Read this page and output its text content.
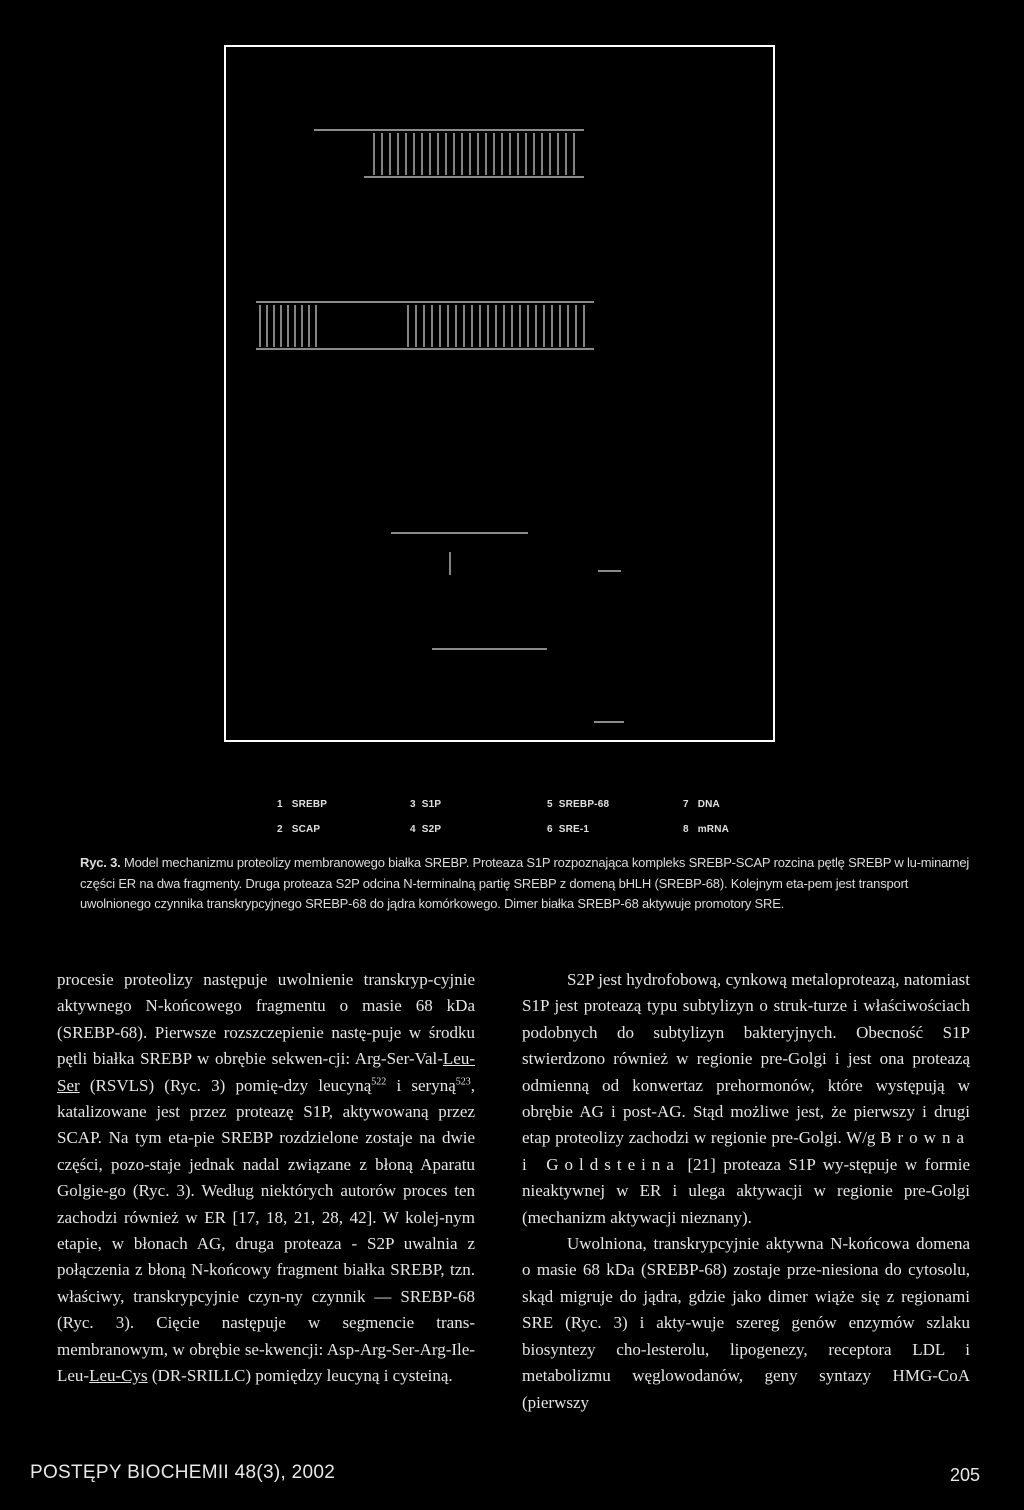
1 SREBP
2 SCAP
3 S1P
4 S2P
5 SREBP-68
6 SRE-1
7 DNA
8 mRNA
Ryc. 3. Model mechanizmu proteolizy membranowego białka SREBP. Proteaza S1P rozpoznająca kompleks SREBP-SCAP rozcina pętlę SREBP w lu-minarnej części ER na dwa fragmenty. Druga proteaza S2P odcina N-terminalną partię SREBP z domeną bHLH (SREBP-68). Kolejnym eta-pem jest transport uwolnionego czynnika transkrypcyjnego SREBP-68 do jądra komórkowego. Dimer białka SREBP-68 aktywuje promotory SRE.

procesie proteolizy następuje uwolnienie transkryp-cyjnie aktywnego N-końcowego fragmentu o masie 68 kDa (SREBP-68). Pierwsze rozszczepienie nastę-puje w środku pętli białka SREBP w obrębie sekwen-cji: Arg-Ser-Val-Leu-Ser (RSVLS) (Ryc. 3) pomię-dzy leucyną$^{522}$ i seryną$^{523}$, katalizowane jest przez proteazę S1P, aktywowaną przez SCAP. Na tym eta-pie SREBP rozdzielone zostaje na dwie części, pozo-staje jednak nadal związane z błoną Aparatu Golgie-go (Ryc. 3). Według niektórych autorów proces ten zachodzi również w ER [17, 18, 21, 28, 42]. W kolej-nym etapie, w błonach AG, druga proteaza - S2P uwalnia z połączenia z błoną N-końcowy fragment białka SREBP, tzn. właściwy, transkrypcyjnie czyn-ny czynnik — SREBP-68 (Ryc. 3). Cięcie następuje w segmencie trans-membranowym, w obrębie se-kwencji: Asp-Arg-Ser-Arg-Ile-Leu-Leu-Cys (DR-SRILLC) pomiędzy leucyną i cysteiną.

S2P jest hydrofobową, cynkową metaloproteazą, natomiast S1P jest proteazą typu subtylizyn o struk-turze i właściwościach podobnych do subtylizyn bakteryjnych. Obecność S1P stwierdzono również w regionie pre-Golgi i jest ona proteazą odmienną od konwertaz prehormonów, które występują w obrębie AG i post-AG. Stąd możliwe jest, że pierwszy i drugi etap proteolizy zachodzi w regionie pre-Golgi. W/g Browna i Goldsteina [21] proteaza S1P wy-stępuje w formie nieaktywnej w ER i ulega aktywacji w regionie pre-Golgi (mechanizm aktywacji nieznany).

Uwolniona, transkrypcyjnie aktywna N-końcowa domena o masie 68 kDa (SREBP-68) zostaje prze-niesiona do cytosolu, skąd migruje do jądra, gdzie jako dimer wiąże się z regionami SRE (Ryc. 3) i akty-wuje szereg genów enzymów szlaku biosyntezy cho-lesterolu, lipogenezy, receptora LDL i metabolizmu węglowodanów, geny syntazy HMG-CoA (pierwszy

POSTĘPY BIOCHEMII 48(3), 2002	205
